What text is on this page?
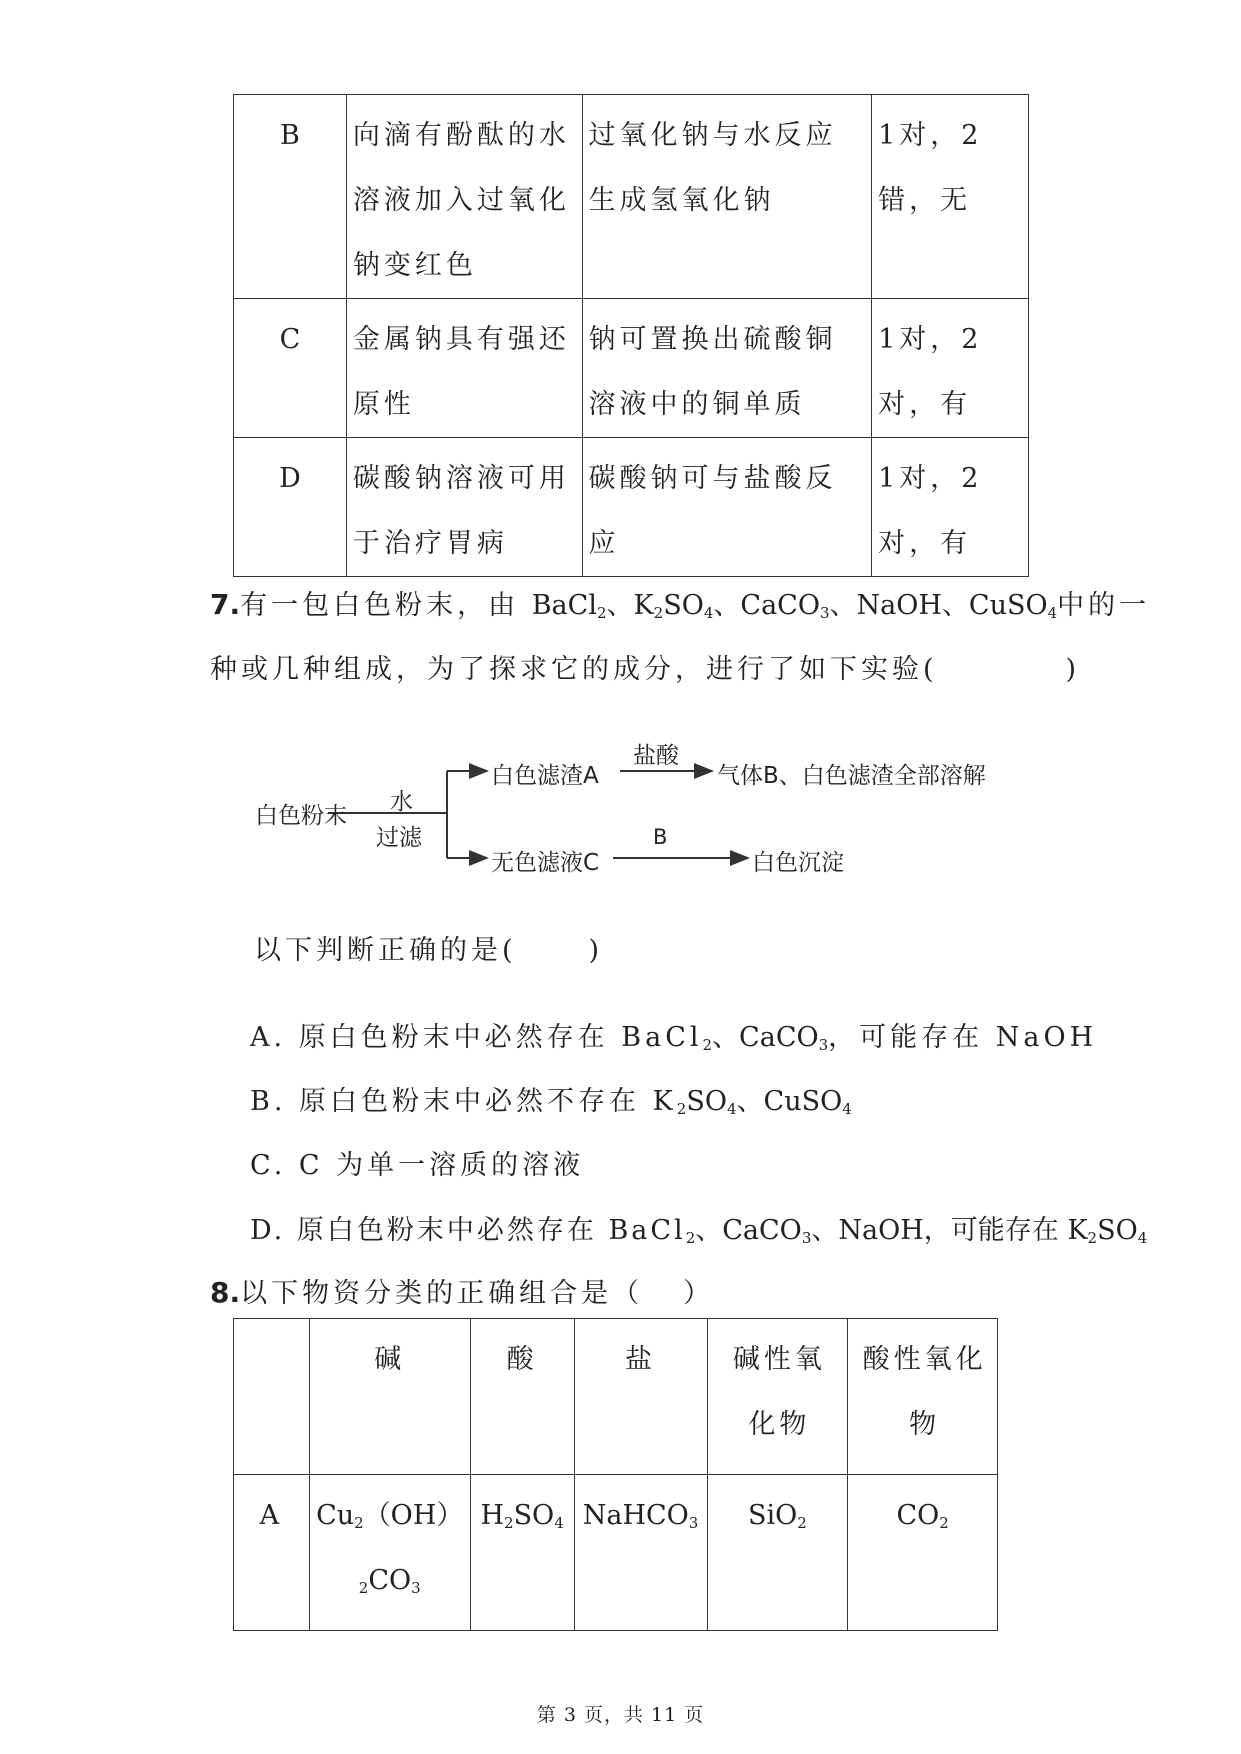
B	向滴有酚酞的水溶液加入过氧化钠变红色	过氧化钠与水反应生成氢氧化钠	1对，2错，无
C	金属钠具有强还原性	钠可置换出硫酸铜溶液中的铜单质	1对，2对，有
D	碳酸钠溶液可用于治疗胃病	碳酸钠可与盐酸反应	1对，2对，有
7.有一包白色粉末，由 BaCl$_2$、$K_2SO_4$、CaCO$_3$、NaOH、CuSO$_4$中的一
种或几种组成，为了探求它的成分，进行了如下实验(	)
白色粉末
水
过滤
白色滤渣A
盐酸
气体B、白色滤渣全部溶解
无色滤液C
B
白色沉淀
以下判断正确的是(	)
A. 原白色粉末中必然存在 BaCl$_2$、CaCO$_3$，可能存在 NaOH
B. 原白色粉末中必然不存在 $K_2SO_4$、CuSO$_4$
C. C 为单一溶质的溶液
D. 原白色粉末中必然存在 BaCl$_2$、CaCO$_3$、NaOH，可能存在 $K_2SO_4$
8.以下物资分类的正确组合是（ ）
	碱	酸	盐	碱性氧化物	酸性氧化物
A	$Cu_2(OH)$
$_2CO_3$	$H_2SO_4$	NaHCO$_3$	SiO$_2$	$CO_2$
第 3 页，共 11 页
